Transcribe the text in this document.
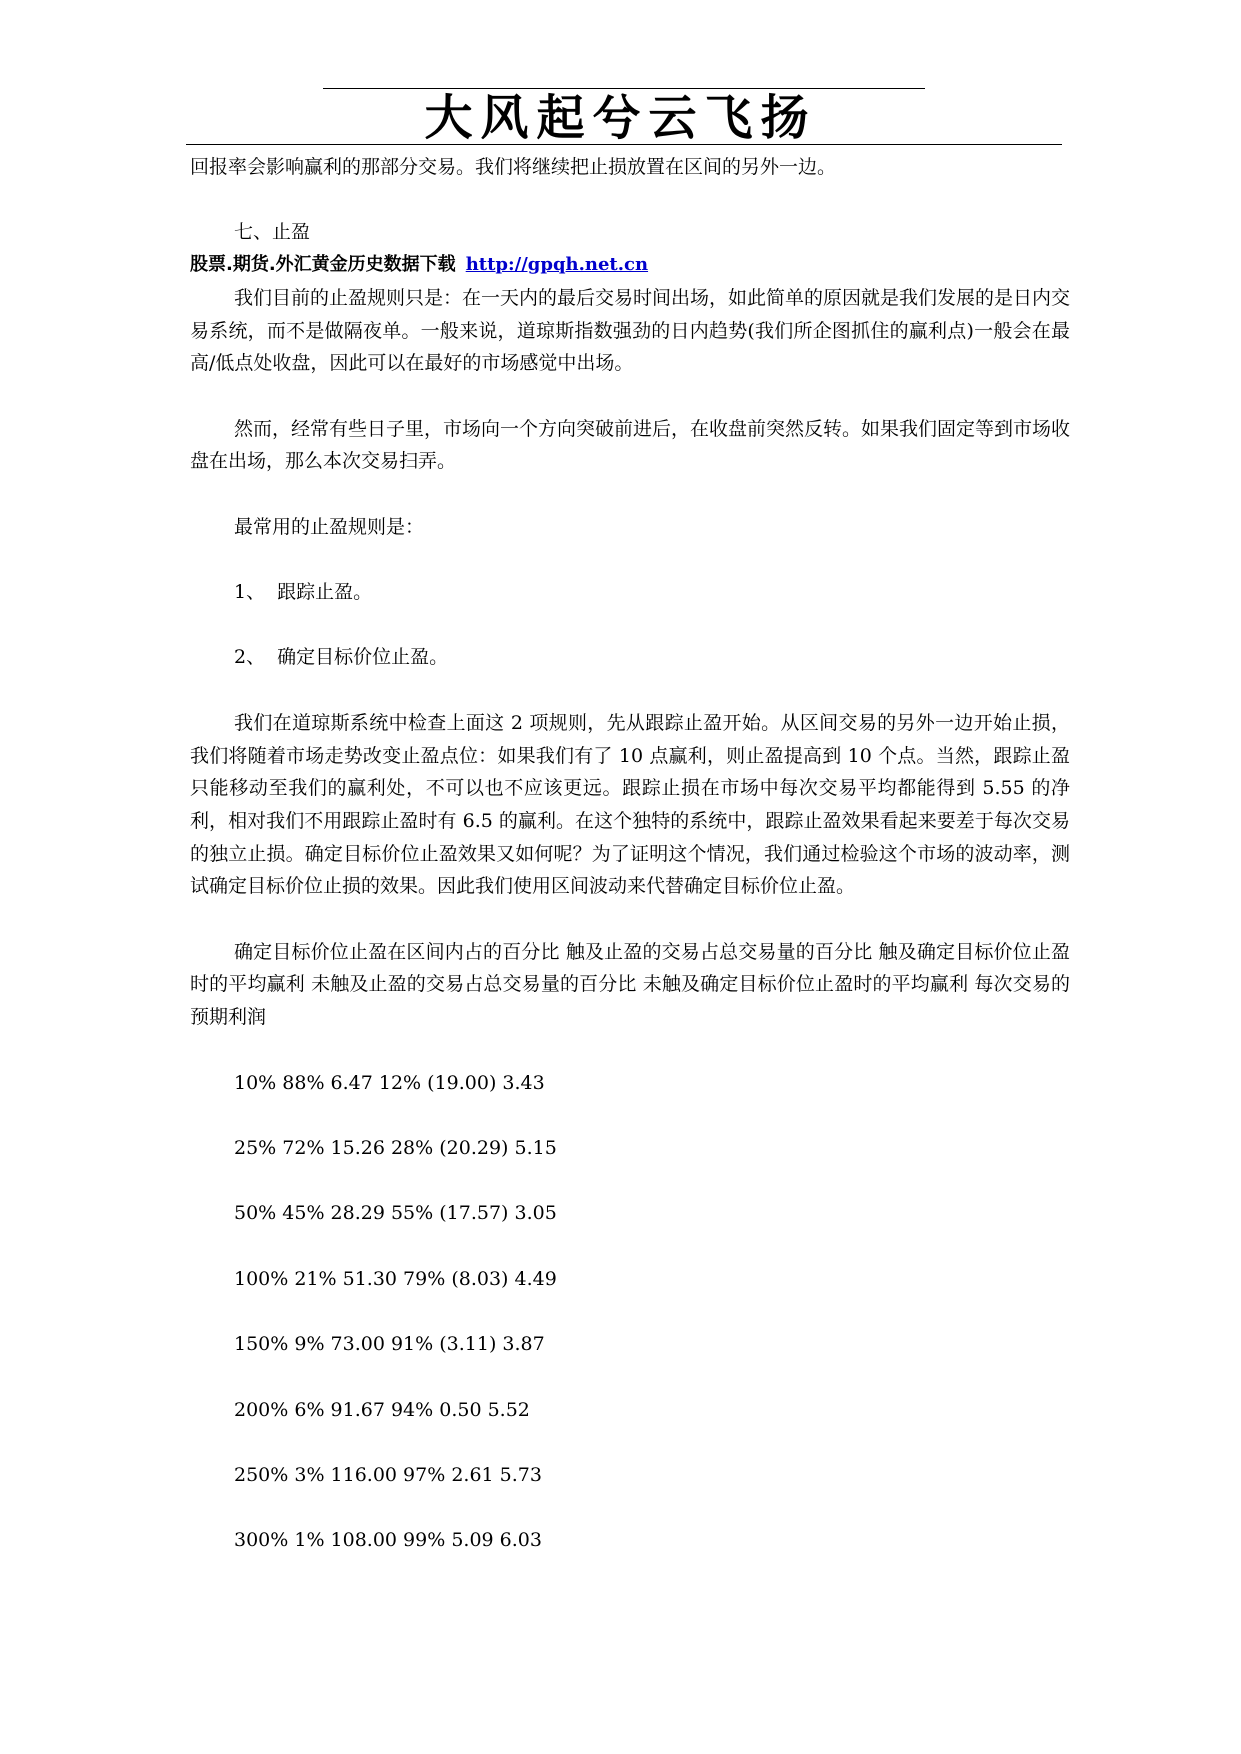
大风起兮云飞扬

回报率会影响赢利的那部分交易。我们将继续把止损放置在区间的另外一边。

七、止盈

股票.期货.外汇黄金历史数据下载 http://gpqh.net.cn

我们目前的止盈规则只是：在一天内的最后交易时间出场，如此简单的原因就是我们发展的是日内交易系统，而不是做隔夜单。一般来说，道琼斯指数强劲的日内趋势(我们所企图抓住的赢利点)一般会在最高/低点处收盘，因此可以在最好的市场感觉中出场。

然而，经常有些日子里，市场向一个方向突破前进后，在收盘前突然反转。如果我们固定等到市场收盘在出场，那么本次交易扫弄。

最常用的止盈规则是：

1、  跟踪止盈。

2、  确定目标价位止盈。

我们在道琼斯系统中检查上面这 2 项规则，先从跟踪止盈开始。从区间交易的另外一边开始止损，我们将随着市场走势改变止盈点位：如果我们有了 10 点赢利，则止盈提高到 10 个点。当然，跟踪止盈只能移动至我们的赢利处，不可以也不应该更远。跟踪止损在市场中每次交易平均都能得到 5.55 的净利，相对我们不用跟踪止盈时有 6.5 的赢利。在这个独特的系统中，跟踪止盈效果看起来要差于每次交易的独立止损。确定目标价位止盈效果又如何呢？为了证明这个情况，我们通过检验这个市场的波动率，测试确定目标价位止损的效果。因此我们使用区间波动来代替确定目标价位止盈。

确定目标价位止盈在区间内占的百分比 触及止盈的交易占总交易量的百分比 触及确定目标价位止盈时的平均赢利 未触及止盈的交易占总交易量的百分比 未触及确定目标价位止盈时的平均赢利 每次交易的预期利润

10% 88% 6.47 12% (19.00) 3.43

25% 72% 15.26 28% (20.29) 5.15

50% 45% 28.29 55% (17.57) 3.05

100% 21% 51.30 79% (8.03) 4.49

150% 9% 73.00 91% (3.11) 3.87

200% 6% 91.67 94% 0.50 5.52

250% 3% 116.00 97% 2.61 5.73

300% 1% 108.00 99% 5.09 6.03
